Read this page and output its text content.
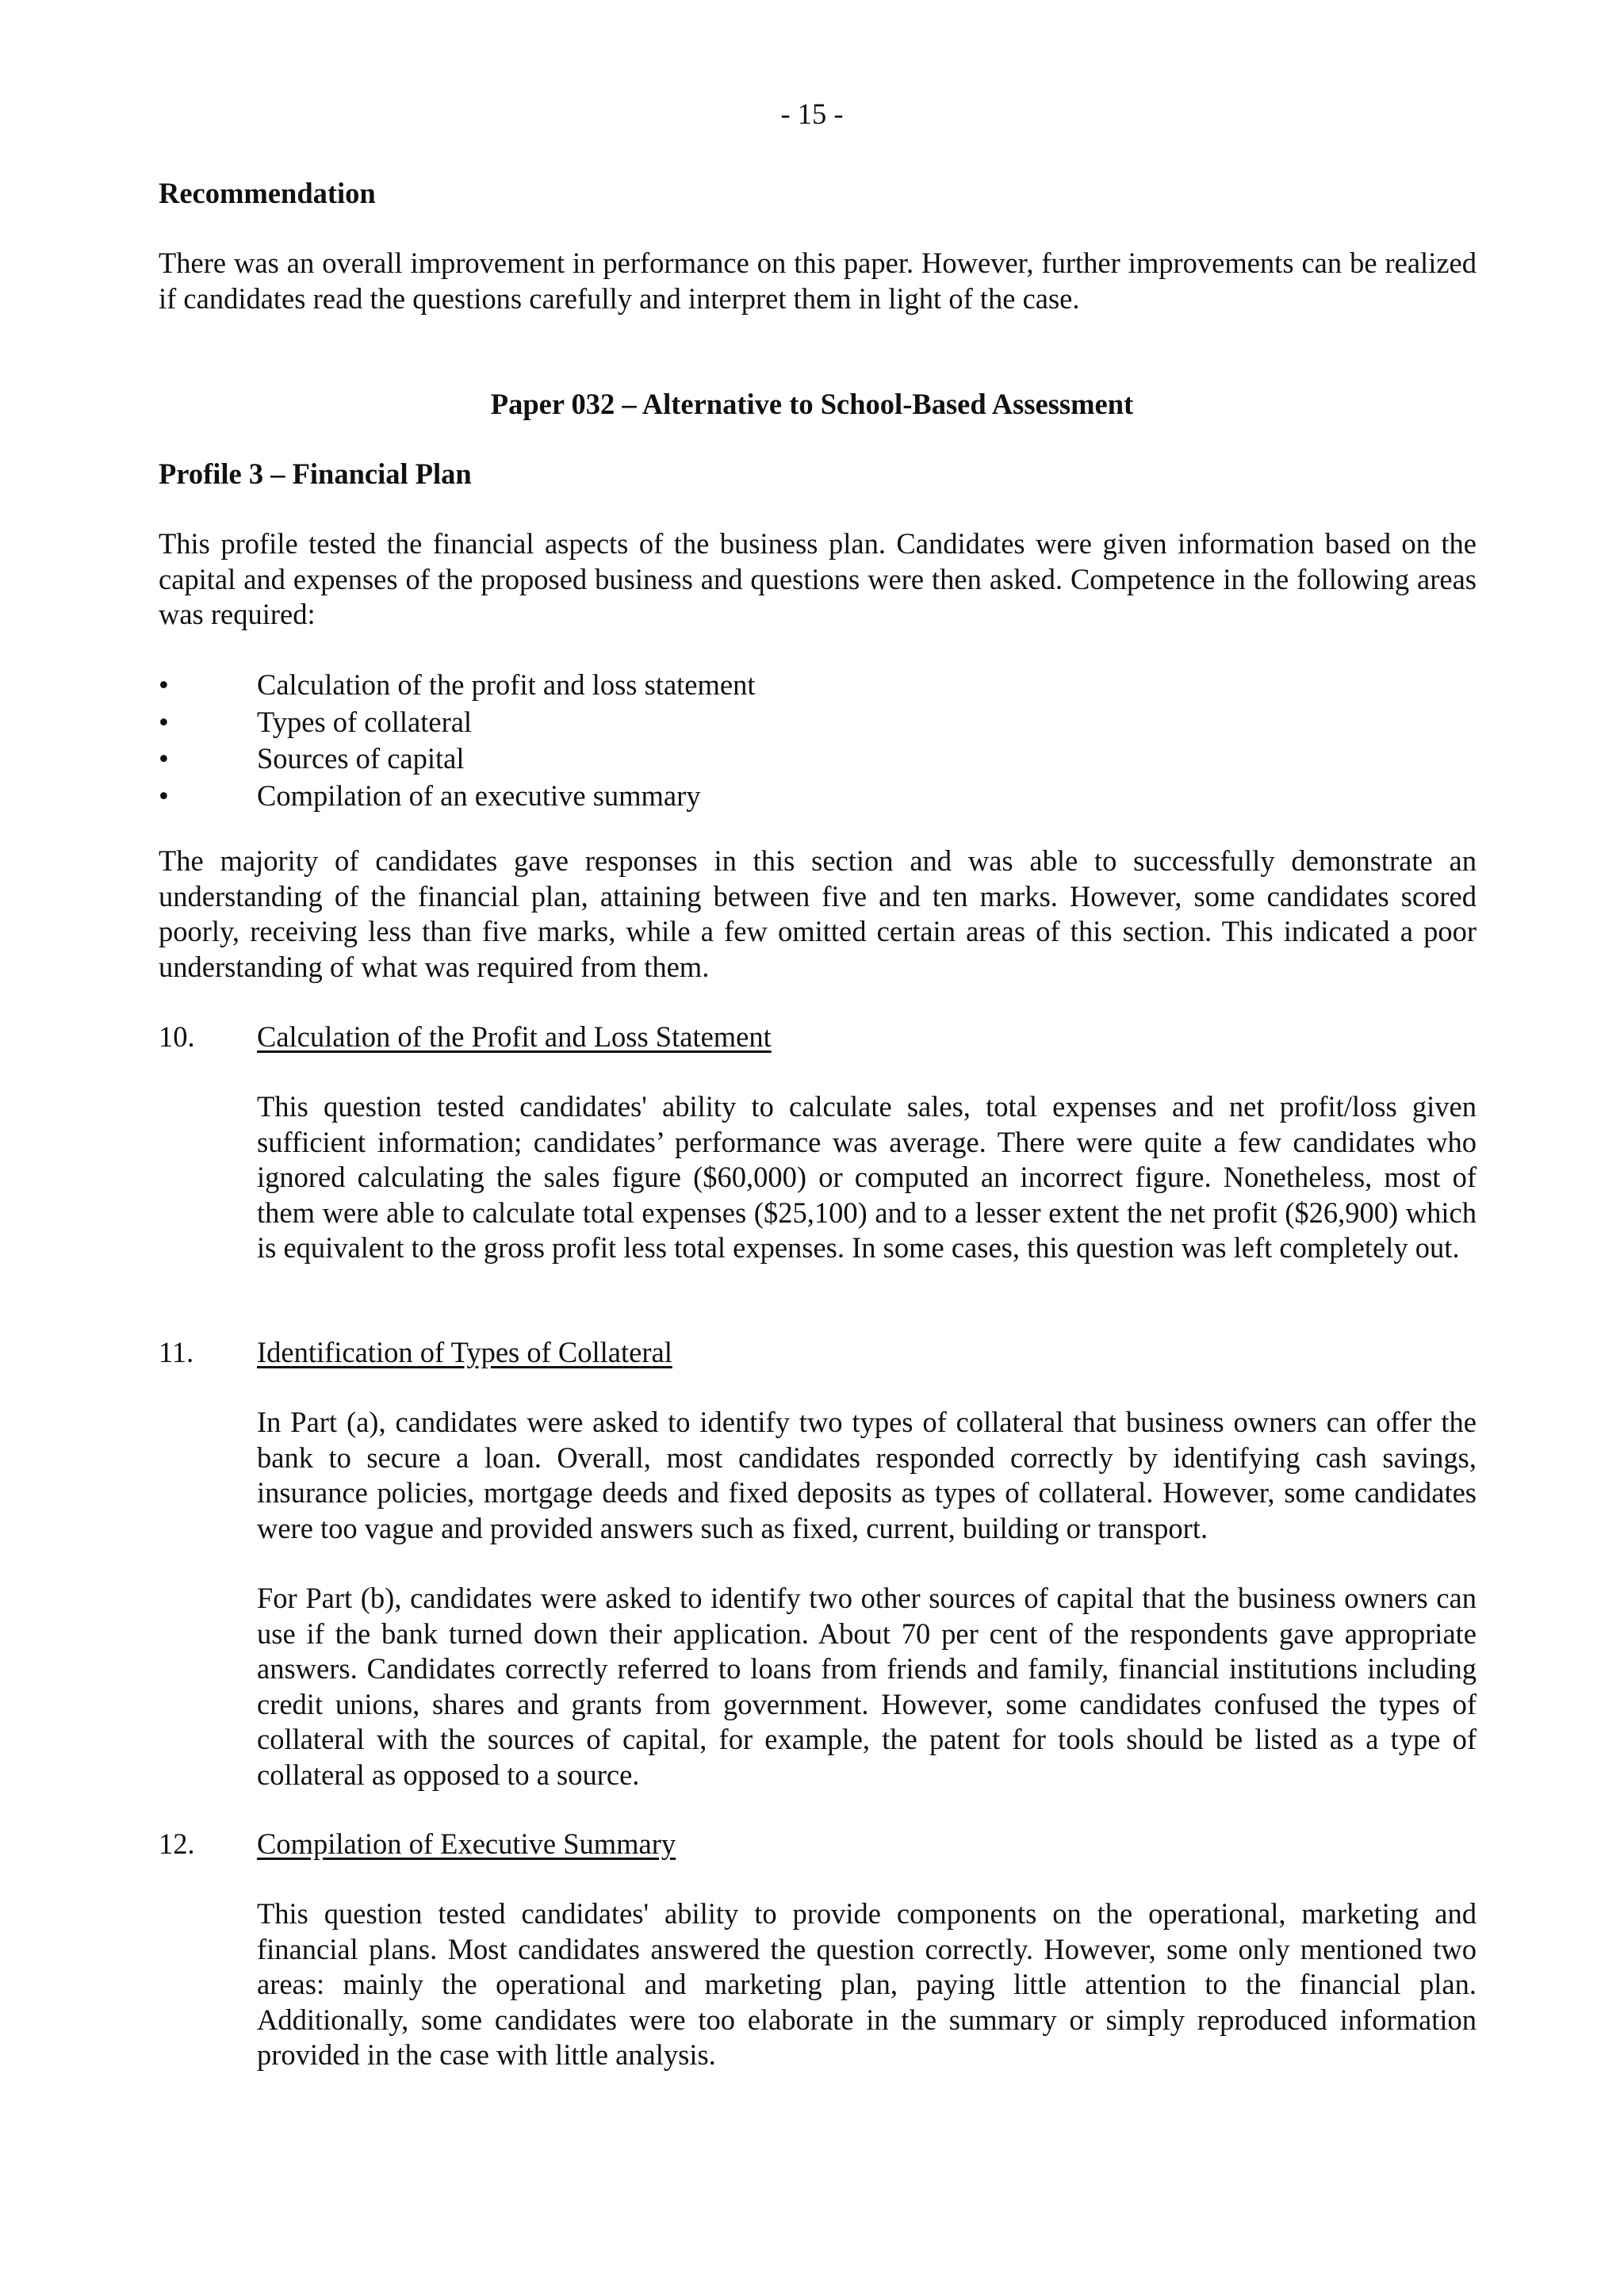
- 15 -
Recommendation
There was an overall improvement in performance on this paper. However, further improvements can be realized if candidates read the questions carefully and interpret them in light of the case.
Paper 032 – Alternative to School-Based Assessment
Profile 3 – Financial Plan
This profile tested the financial aspects of the business plan. Candidates were given information based on the capital and expenses of the proposed business and questions were then asked. Competence in the following areas was required:
•	Calculation of the profit and loss statement
•	Types of collateral
•	Sources of capital
•	Compilation of an executive summary
The majority of candidates gave responses in this section and was able to successfully demonstrate an understanding of the financial plan, attaining between five and ten marks. However, some candidates scored poorly, receiving less than five marks, while a few omitted certain areas of this section. This indicated a poor understanding of what was required from them.
10. Calculation of the Profit and Loss Statement
This question tested candidates' ability to calculate sales, total expenses and net profit/loss given sufficient information; candidates’ performance was average. There were quite a few candidates who ignored calculating the sales figure ($60,000) or computed an incorrect figure. Nonetheless, most of them were able to calculate total expenses ($25,100) and to a lesser extent the net profit ($26,900) which is equivalent to the gross profit less total expenses. In some cases, this question was left completely out.
11. Identification of Types of Collateral
In Part (a), candidates were asked to identify two types of collateral that business owners can offer the bank to secure a loan. Overall, most candidates responded correctly by identifying cash savings, insurance policies, mortgage deeds and fixed deposits as types of collateral. However, some candidates were too vague and provided answers such as fixed, current, building or transport.
For Part (b), candidates were asked to identify two other sources of capital that the business owners can use if the bank turned down their application. About 70 per cent of the respondents gave appropriate answers. Candidates correctly referred to loans from friends and family, financial institutions including credit unions, shares and grants from government. However, some candidates confused the types of collateral with the sources of capital, for example, the patent for tools should be listed as a type of collateral as opposed to a source.
12. Compilation of Executive Summary
This question tested candidates' ability to provide components on the operational, marketing and financial plans. Most candidates answered the question correctly. However, some only mentioned two areas: mainly the operational and marketing plan, paying little attention to the financial plan. Additionally, some candidates were too elaborate in the summary or simply reproduced information provided in the case with little analysis.
